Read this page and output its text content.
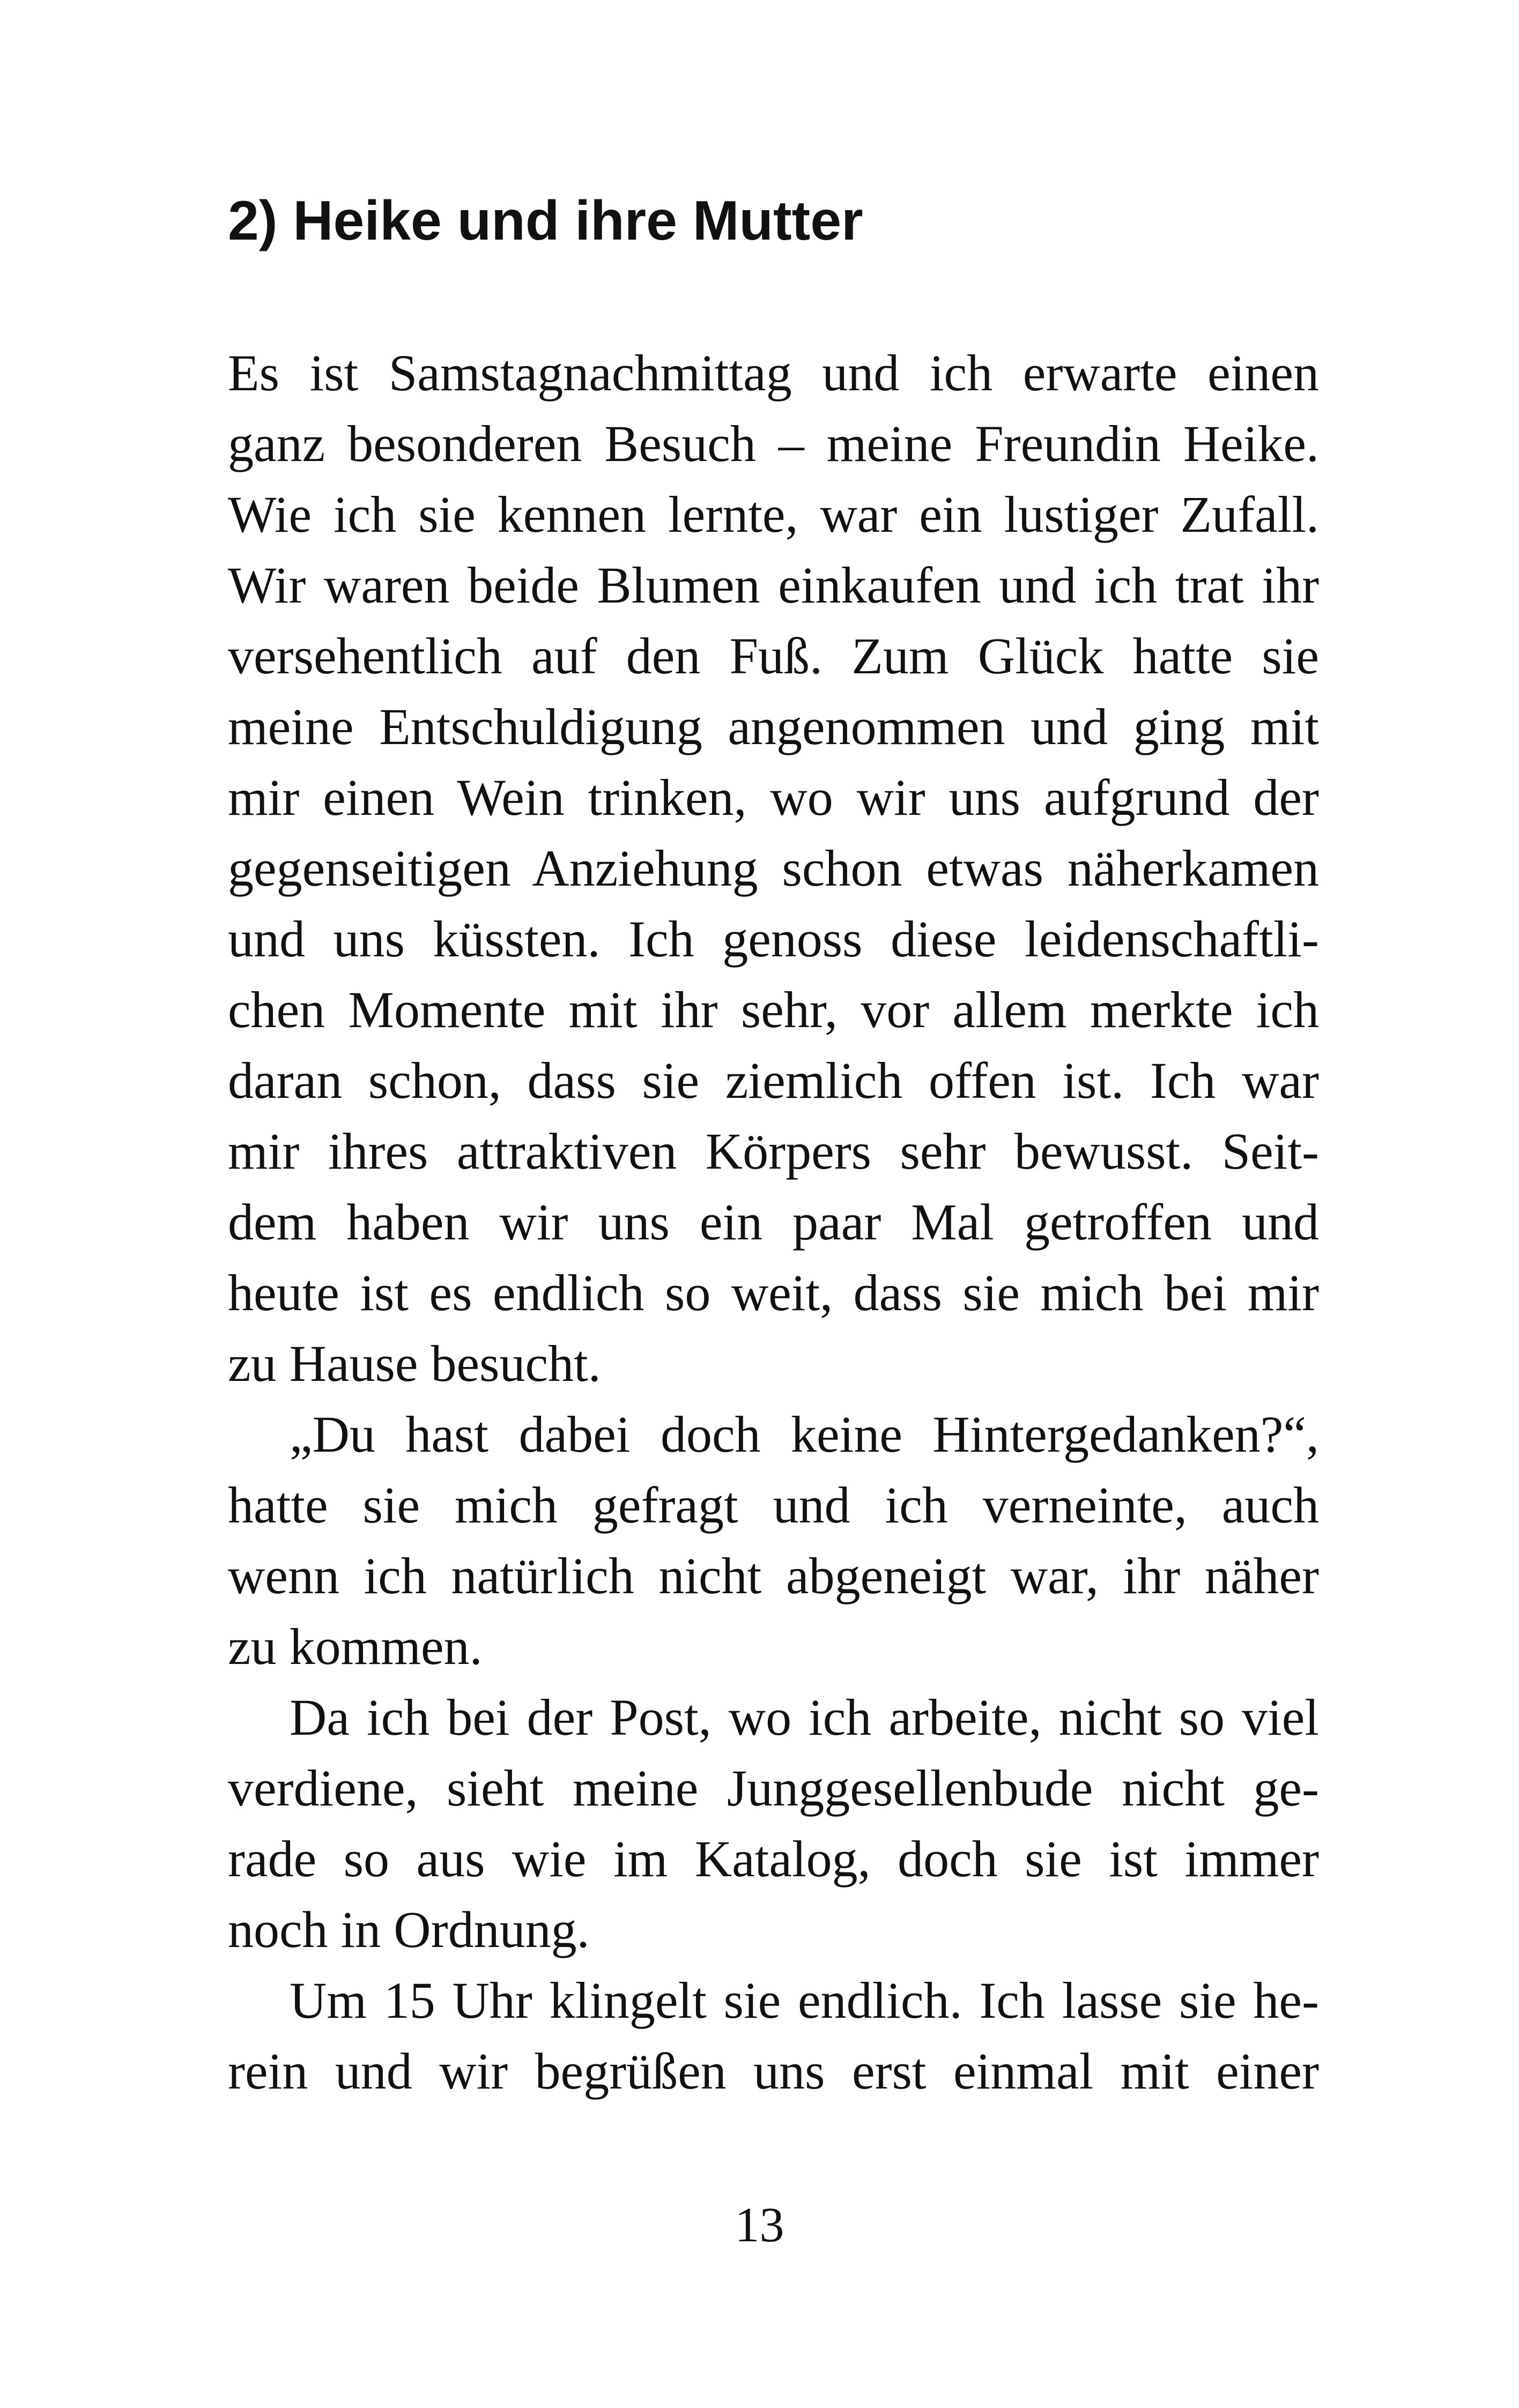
2) Heike und ihre Mutter
Es ist Samstagnachmittag und ich erwarte einen
ganz besonderen Besuch – meine Freundin Heike.
Wie ich sie kennen lernte, war ein lustiger Zufall.
Wir waren beide Blumen einkaufen und ich trat ihr
versehentlich auf den Fuß. Zum Glück hatte sie
meine Entschuldigung angenommen und ging mit
mir einen Wein trinken, wo wir uns aufgrund der
gegenseitigen Anziehung schon etwas näherkamen
und uns küssten. Ich genoss diese leidenschaftli-
chen Momente mit ihr sehr, vor allem merkte ich
daran schon, dass sie ziemlich offen ist. Ich war
mir ihres attraktiven Körpers sehr bewusst. Seit-
dem haben wir uns ein paar Mal getroffen und
heute ist es endlich so weit, dass sie mich bei mir
zu Hause besucht.
„Du hast dabei doch keine Hintergedanken?“,
hatte sie mich gefragt und ich verneinte, auch
wenn ich natürlich nicht abgeneigt war, ihr näher
zu kommen.
Da ich bei der Post, wo ich arbeite, nicht so viel
verdiene, sieht meine Junggesellenbude nicht ge-
rade so aus wie im Katalog, doch sie ist immer
noch in Ordnung.
Um 15 Uhr klingelt sie endlich. Ich lasse sie he-
rein und wir begrüßen uns erst einmal mit einer
13
